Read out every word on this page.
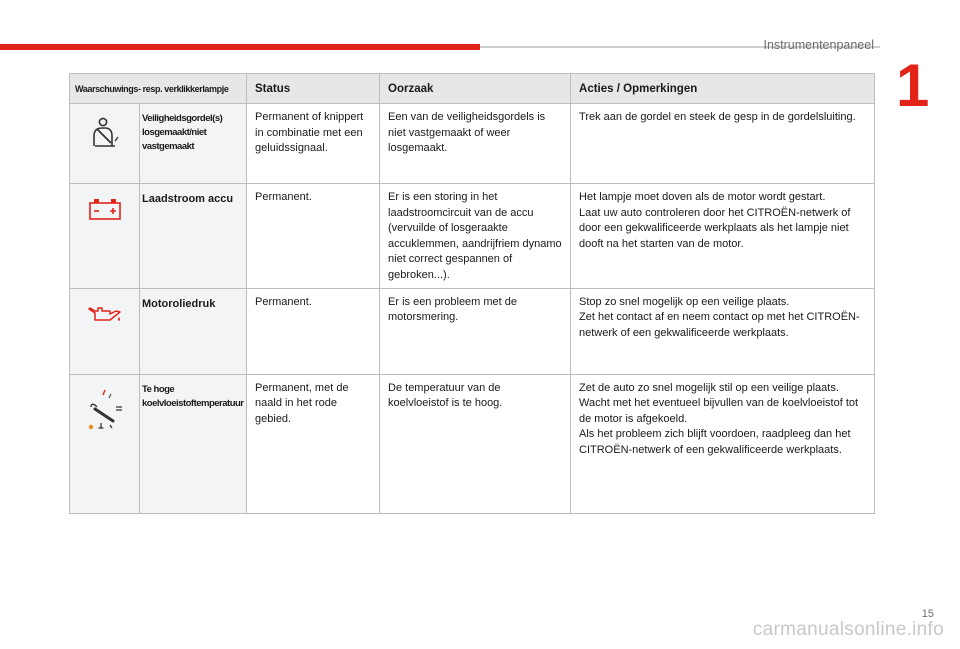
Instrumentenpaneel
1
Waarschuwings- resp. verklikkerlampje		Status	Oorzaak	Acties / Opmerkingen

	Veiligheidsgordel(s) losgemaakt/niet vastgemaakt	Permanent of knippert in combinatie met een geluidssignaal.	Een van de veiligheidsgordels is niet vastgemaakt of weer losgemaakt.	Trek aan de gordel en steek de gesp in de gordelsluiting.

	Laadstroom accu	Permanent.	Er is een storing in het laadstroomcircuit van de accu (vervuilde of losgeraakte accuklemmen, aandrijfriem dynamo niet correct gespannen of gebroken...).	Het lampje moet doven als de motor wordt gestart.
Laat uw auto controleren door het CITROËN-netwerk of door een gekwalificeerde werkplaats als het lampje niet dooft na het starten van de motor.

	Motoroliedruk	Permanent.	Er is een probleem met de motorsmering.	Stop zo snel mogelijk op een veilige plaats.
Zet het contact af en neem contact op met het CITROËN-netwerk of een gekwalificeerde werkplaats.

	Te hoge koelvloeistoftemperatuur	Permanent, met de naald in het rode gebied.	De temperatuur van de koelvloeistof is te hoog.	Zet de auto zo snel mogelijk stil op een veilige plaats.
Wacht met het eventueel bijvullen van de koelvloeistof tot de motor is afgekoeld.
Als het probleem zich blijft voordoen, raadpleeg dan het CITROËN-netwerk of een gekwalificeerde werkplaats.
15
carmanualsonline.info
